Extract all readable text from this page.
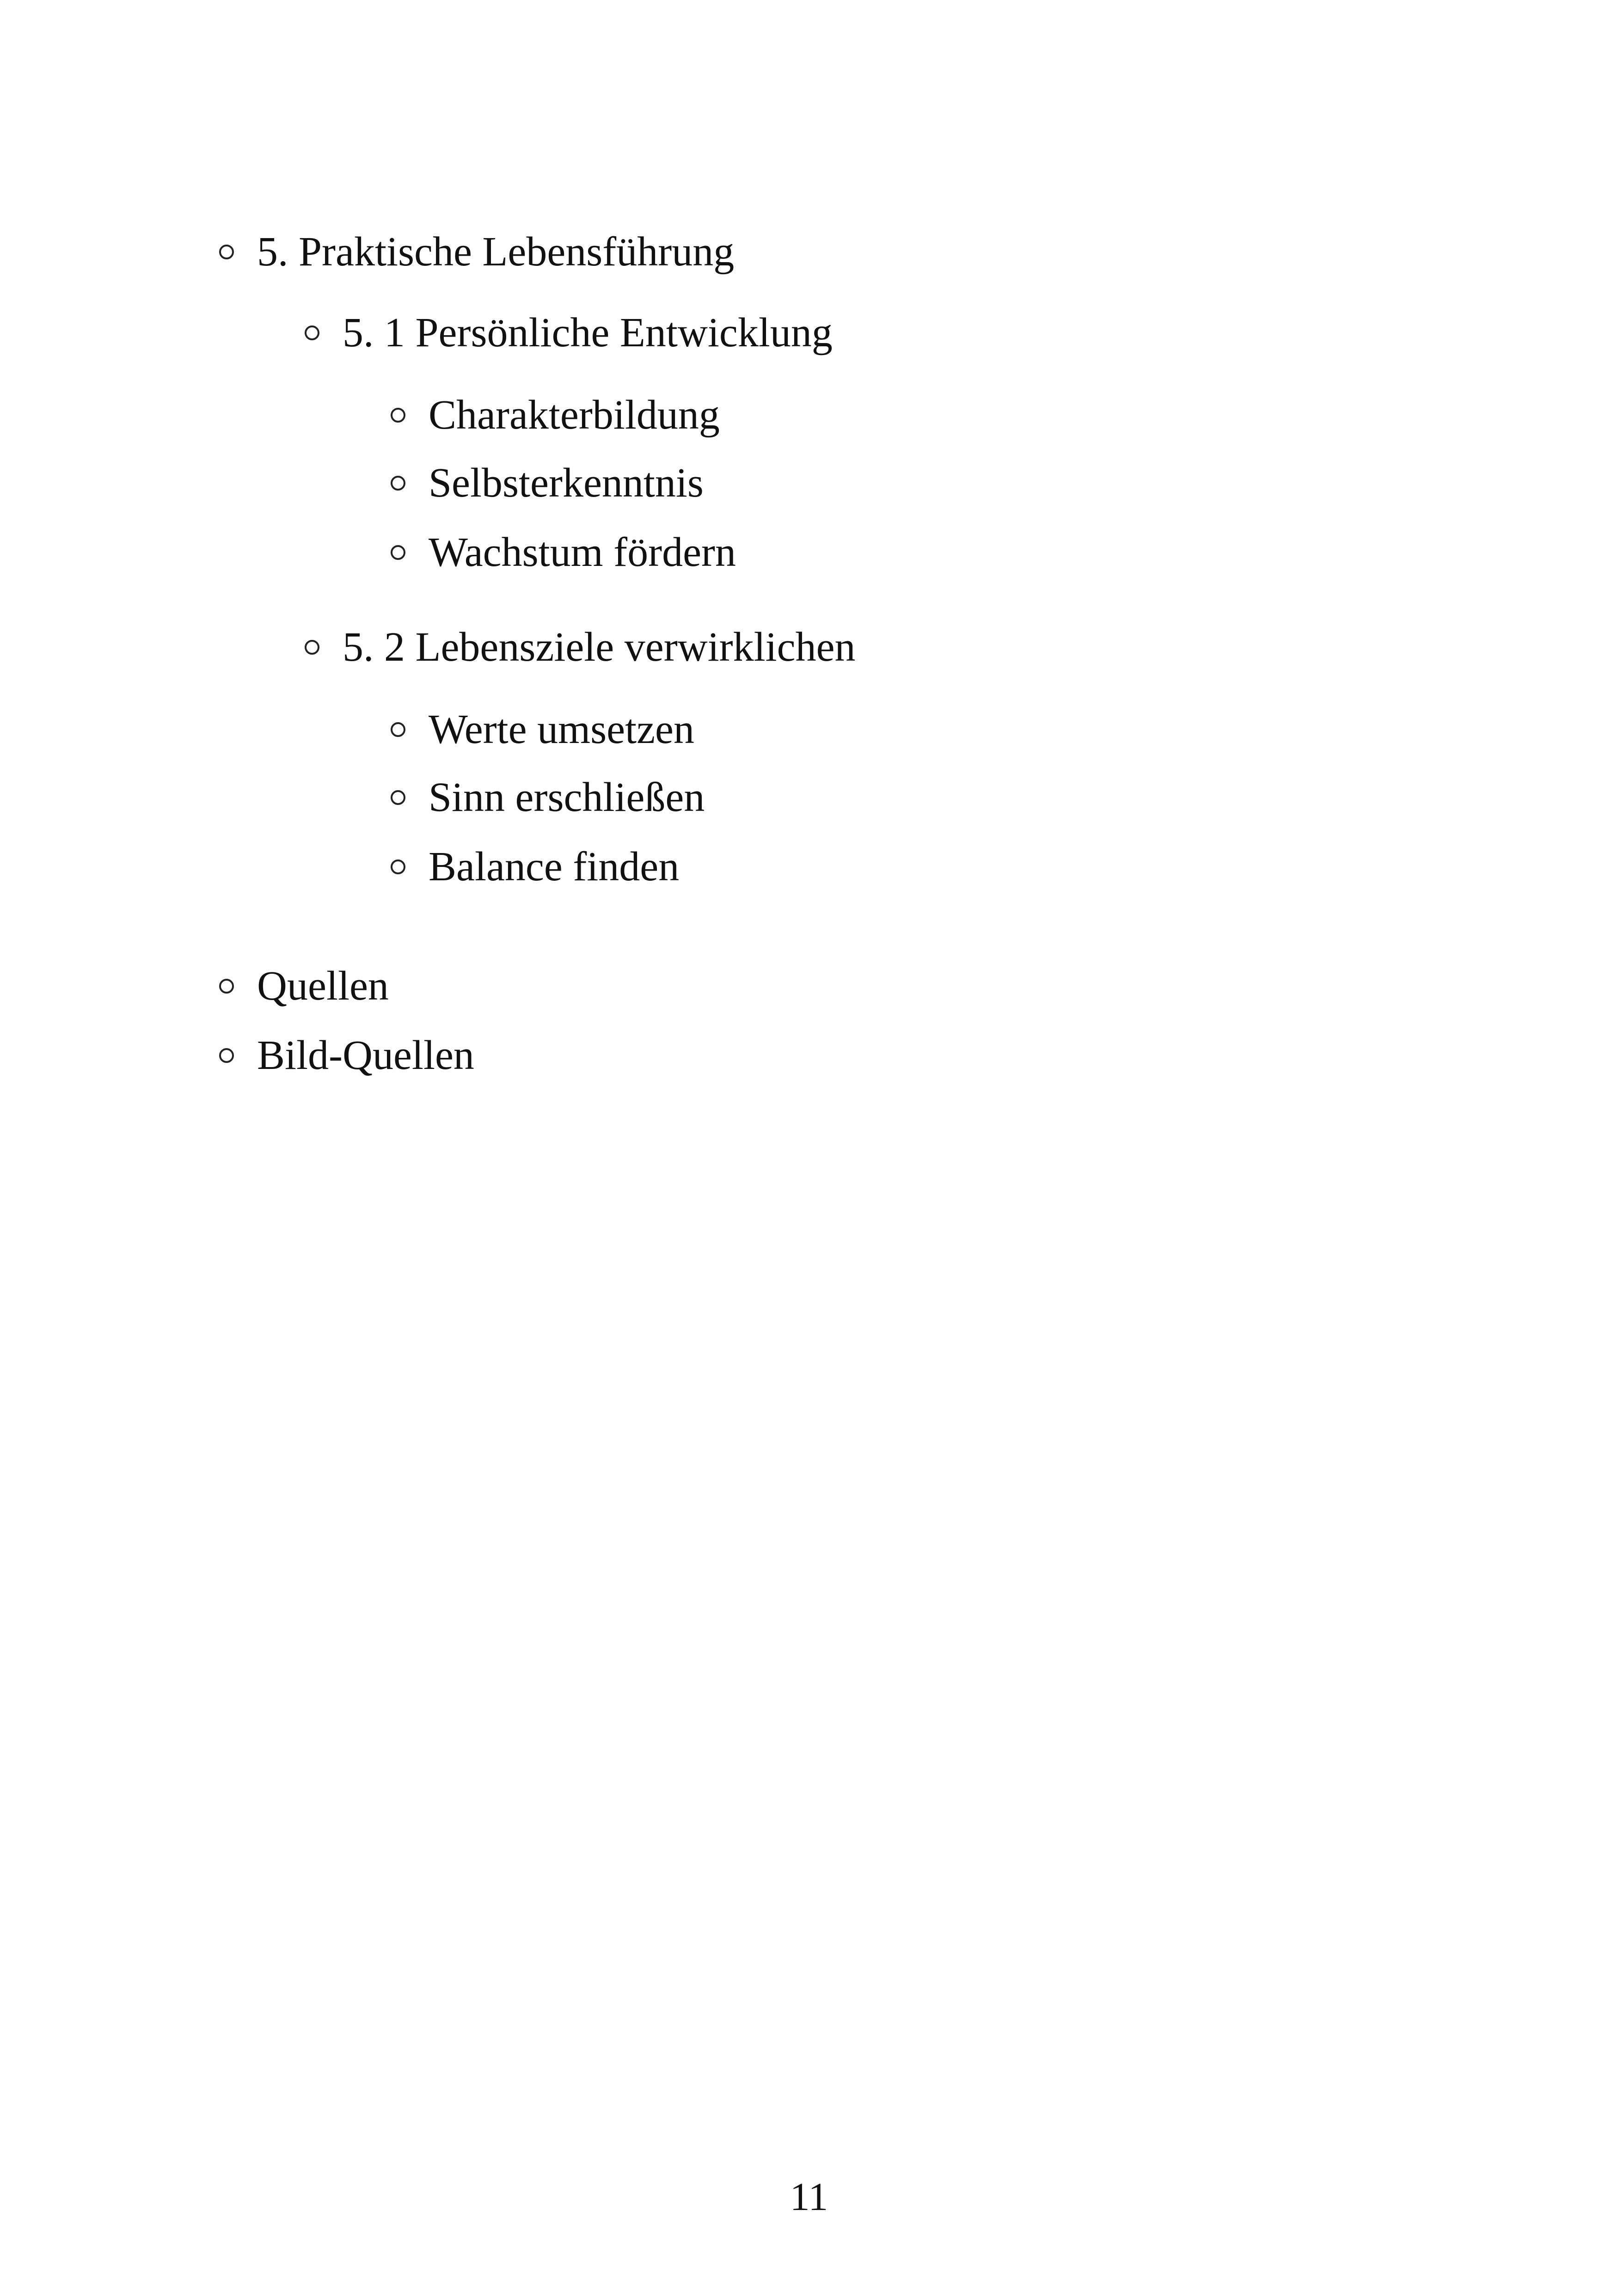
5. Praktische Lebensführung
5. 1 Persönliche Entwicklung
Charakterbildung
Selbsterkenntnis
Wachstum fördern
5. 2 Lebensziele verwirklichen
Werte umsetzen
Sinn erschließen
Balance finden
Quellen
Bild-Quellen
11
